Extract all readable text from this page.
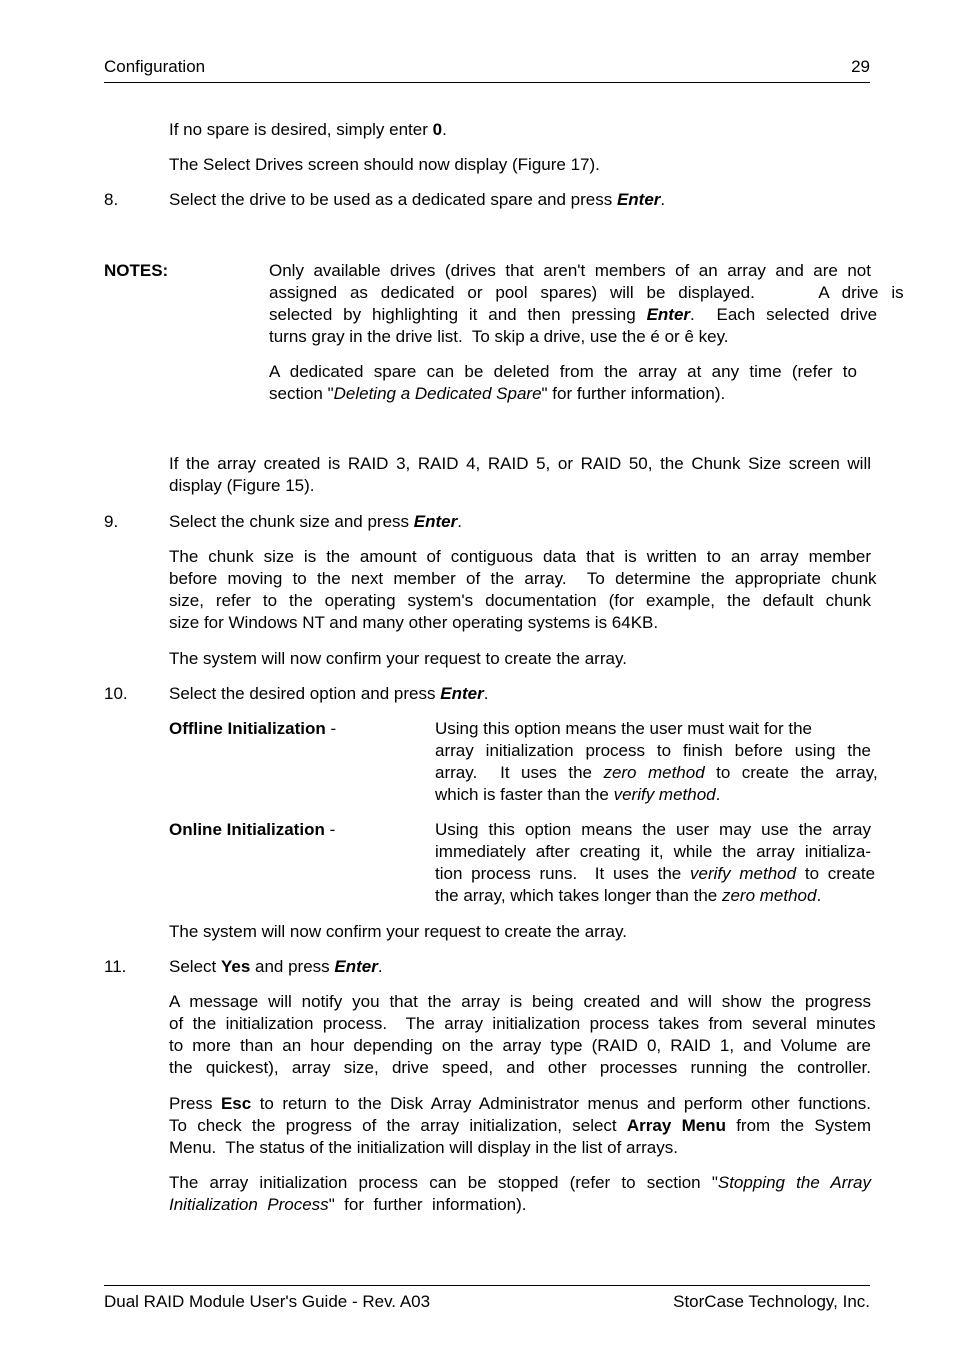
Configuration	29
If no spare is desired, simply enter 0.
The Select Drives screen should now display (Figure 17).
8.	Select the drive to be used as a dedicated spare and press Enter.
NOTES:	Only available drives (drives that aren't members of an array and are not
assigned as dedicated or pool spares) will be displayed.     A drive is
selected by highlighting it and then pressing Enter.  Each selected drive
turns gray in the drive list.  To skip a drive, use the é or ê key.
A dedicated spare can be deleted from the array at any time (refer to
section "Deleting a Dedicated Spare" for further information).
If the array created is RAID 3, RAID 4, RAID 5, or RAID 50, the Chunk Size screen will
display (Figure 15).
9.	Select the chunk size and press Enter.
The chunk size is the amount of contiguous data that is written to an array member
before moving to the next member of the array.  To determine the appropriate chunk
size, refer to the operating system's documentation (for example, the default chunk
size for Windows NT and many other operating systems is 64KB.
The system will now confirm your request to create the array.
10. Select the desired option and press Enter.
Offline Initialization -	Using this option means the user must wait for the
array initialization process to finish before using the
array.  It uses the zero method to create the array,
which is faster than the verify method.
Online Initialization -	Using this option means the user may use the array
immediately after creating it, while the array initializa-
tion process runs.  It uses the verify method to create
the array, which takes longer than the zero method.
The system will now confirm your request to create the array.
11.	Select Yes and press Enter.
A message will notify you that the array is being created and will show the progress
of the initialization process.  The array initialization process takes from several minutes
to more than an hour depending on the array type (RAID 0, RAID 1, and Volume are
the quickest), array size, drive speed, and other processes running the controller.
Press Esc to return to the Disk Array Administrator menus and perform other functions.
To check the progress of the array initialization, select Array Menu from the System
Menu.  The status of the initialization will display in the list of arrays.
The array initialization process can be stopped (refer to section "Stopping the Array
Initialization  Process"  for  further  information).
Dual RAID Module User's Guide - Rev. A03	StorCase Technology, Inc.
